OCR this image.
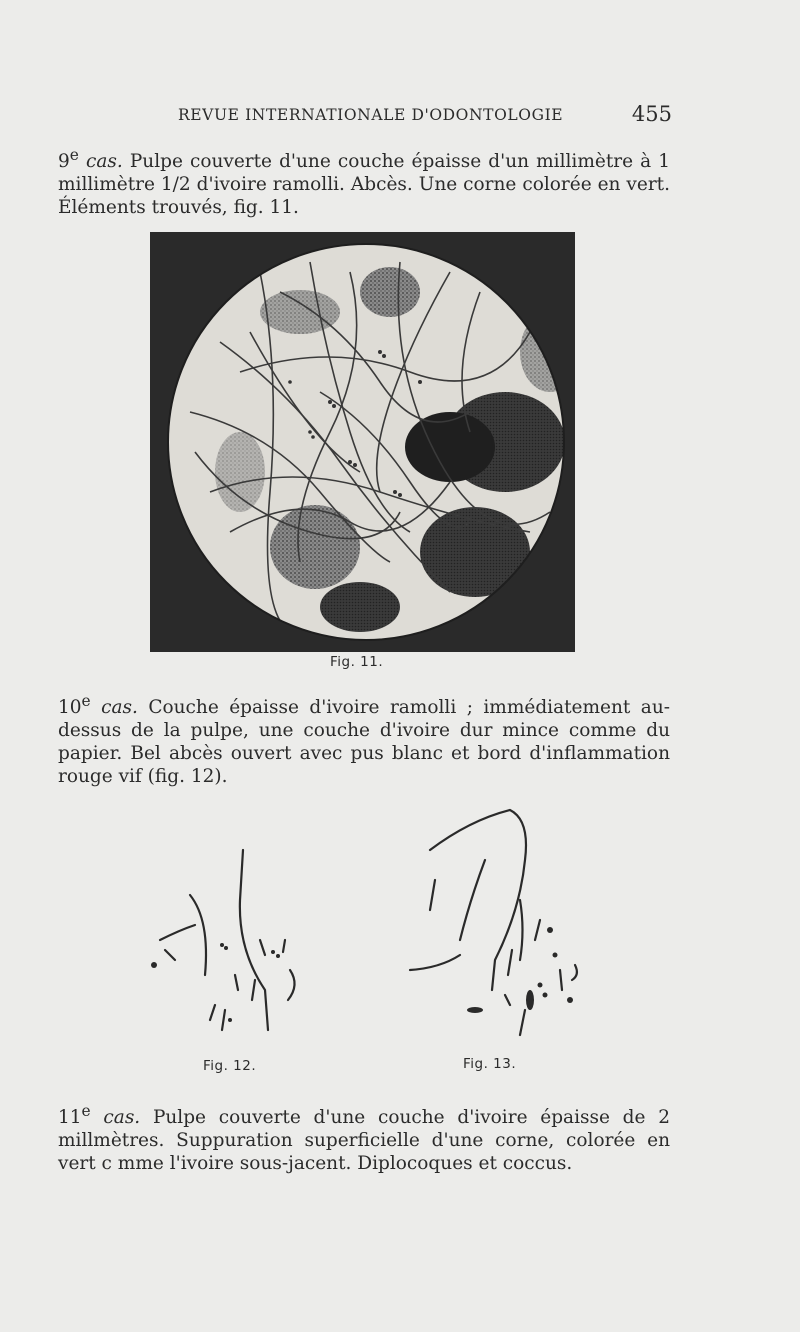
REVUE INTERNATIONALE D'ODONTOLOGIE	455
9e cas. Pulpe couverte d'une couche épaisse d'un millimètre à 1 millimètre 1/2 d'ivoire ramolli. Abcès. Une corne colorée en vert. Éléments trouvés, fig. 11.
Fig. 11.
10e cas. Couche épaisse d'ivoire ramolli ; immédiatement au-dessus de la pulpe, une couche d'ivoire dur mince comme du papier. Bel abcès ouvert avec pus blanc et bord d'inflammation rouge vif (fig. 12).
Fig. 12.	Fig. 13.
11e cas. Pulpe couverte d'une couche d'ivoire épaisse de 2 millmètres. Suppuration superficielle d'une corne, colorée en vert c mme l'ivoire sous-jacent. Diplocoques et coccus.
